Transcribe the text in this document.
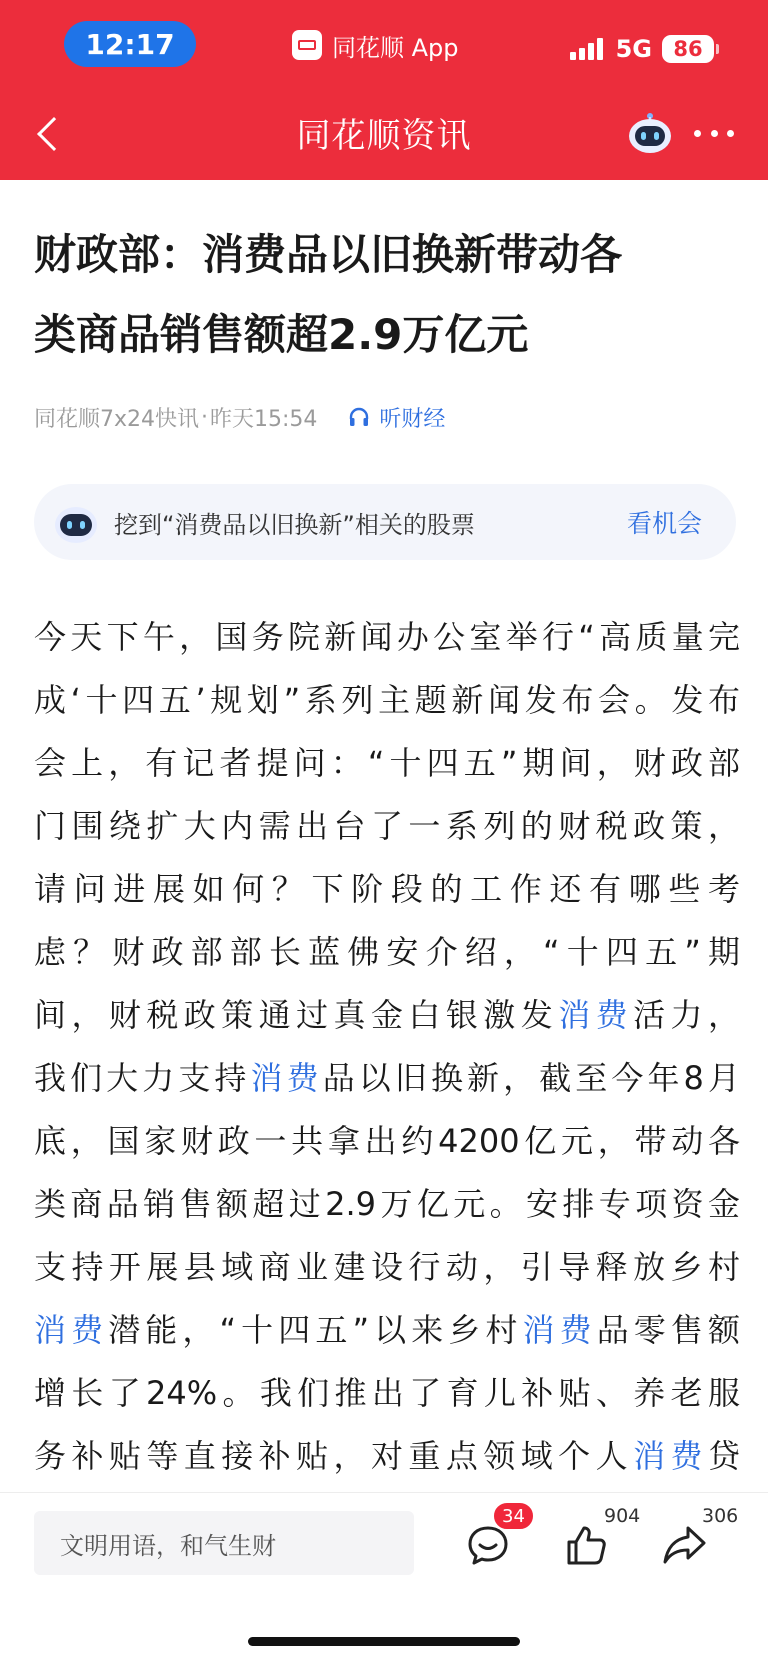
12:17	同花顺 App	5G 86
同花顺资讯
财政部：消费品以旧换新带动各
类商品销售额超2.9万亿元
同花顺7x24快讯 · 昨天15:54	听财经
挖到“消费品以旧换新”相关的股票	看机会
今天下午，国务院新闻办公室举行“高质量完
成‘十四五’规划”系列主题新闻发布会。发布
会上，有记者提问：“十四五”期间，财政部
门围绕扩大内需出台了一系列的财税政策，
请问进展如何？下阶段的工作还有哪些考
虑？财政部部长蓝佛安介绍，“十四五”期
间，财税政策通过真金白银激发消费活力，
我们大力支持消费品以旧换新，截至今年8月
底，国家财政一共拿出约4200亿元，带动各
类商品销售额超过2.9万亿元。安排专项资金
支持开展县域商业建设行动，引导释放乡村
消费潜能，“十四五”以来乡村消费品零售额
增长了24%。我们推出了育儿补贴、养老服
务补贴等直接补贴，对重点领域个人消费贷
文明用语，和气生财
34	904	306
